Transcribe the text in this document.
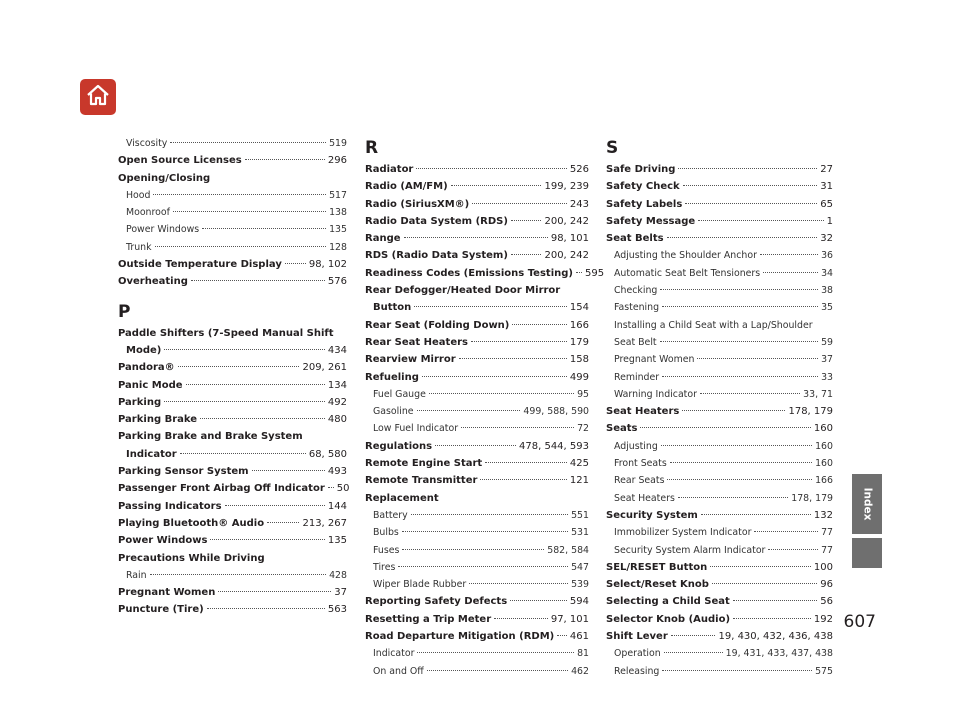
Viscosity	519
Open Source Licenses	296
Opening/Closing
Hood	517
Moonroof	138
Power Windows	135
Trunk	128
Outside Temperature Display	98, 102
Overheating	576
P
Paddle Shifters (7-Speed Manual Shift
Mode)	434
Pandora®	209, 261
Panic Mode	134
Parking	492
Parking Brake	480
Parking Brake and Brake System
Indicator	68, 580
Parking Sensor System	493
Passenger Front Airbag Off Indicator 50
Passing Indicators	144
Playing Bluetooth® Audio	213, 267
Power Windows	135
Precautions While Driving
Rain	428
Pregnant Women	37
Puncture (Tire)	563
R
Radiator	526
Radio (AM/FM)	199, 239
Radio (SiriusXM®)	243
Radio Data System (RDS)	200, 242
Range	98, 101
RDS (Radio Data System)	200, 242
Readiness Codes (Emissions Testing) 595
Rear Defogger/Heated Door Mirror
Button	154
Rear Seat (Folding Down)	166
Rear Seat Heaters	179
Rearview Mirror	158
Refueling	499
Fuel Gauge	95
Gasoline	499, 588, 590
Low Fuel Indicator	72
Regulations	478, 544, 593
Remote Engine Start	425
Remote Transmitter	121
Replacement
Battery	551
Bulbs	531
Fuses	582, 584
Tires	547
Wiper Blade Rubber	539
Reporting Safety Defects	594
Resetting a Trip Meter	97, 101
Road Departure Mitigation (RDM) 461
Indicator	81
On and Off	462
S
Safe Driving	27
Safety Check	31
Safety Labels	65
Safety Message	1
Seat Belts	32
Adjusting the Shoulder Anchor	36
Automatic Seat Belt Tensioners	34
Checking	38
Fastening	35
Installing a Child Seat with a Lap/Shoulder
Seat Belt	59
Pregnant Women	37
Reminder	33
Warning Indicator	33, 71
Seat Heaters	178, 179
Seats	160
Adjusting	160
Front Seats	160
Rear Seats	166
Seat Heaters	178, 179
Security System	132
Immobilizer System Indicator	77
Security System Alarm Indicator	77
SEL/RESET Button	100
Select/Reset Knob	96
Selecting a Child Seat	56
Selector Knob (Audio)	192
Shift Lever	19, 430, 432, 436, 438
Operation	19, 431, 433, 437, 438
Releasing	575
Index
607
